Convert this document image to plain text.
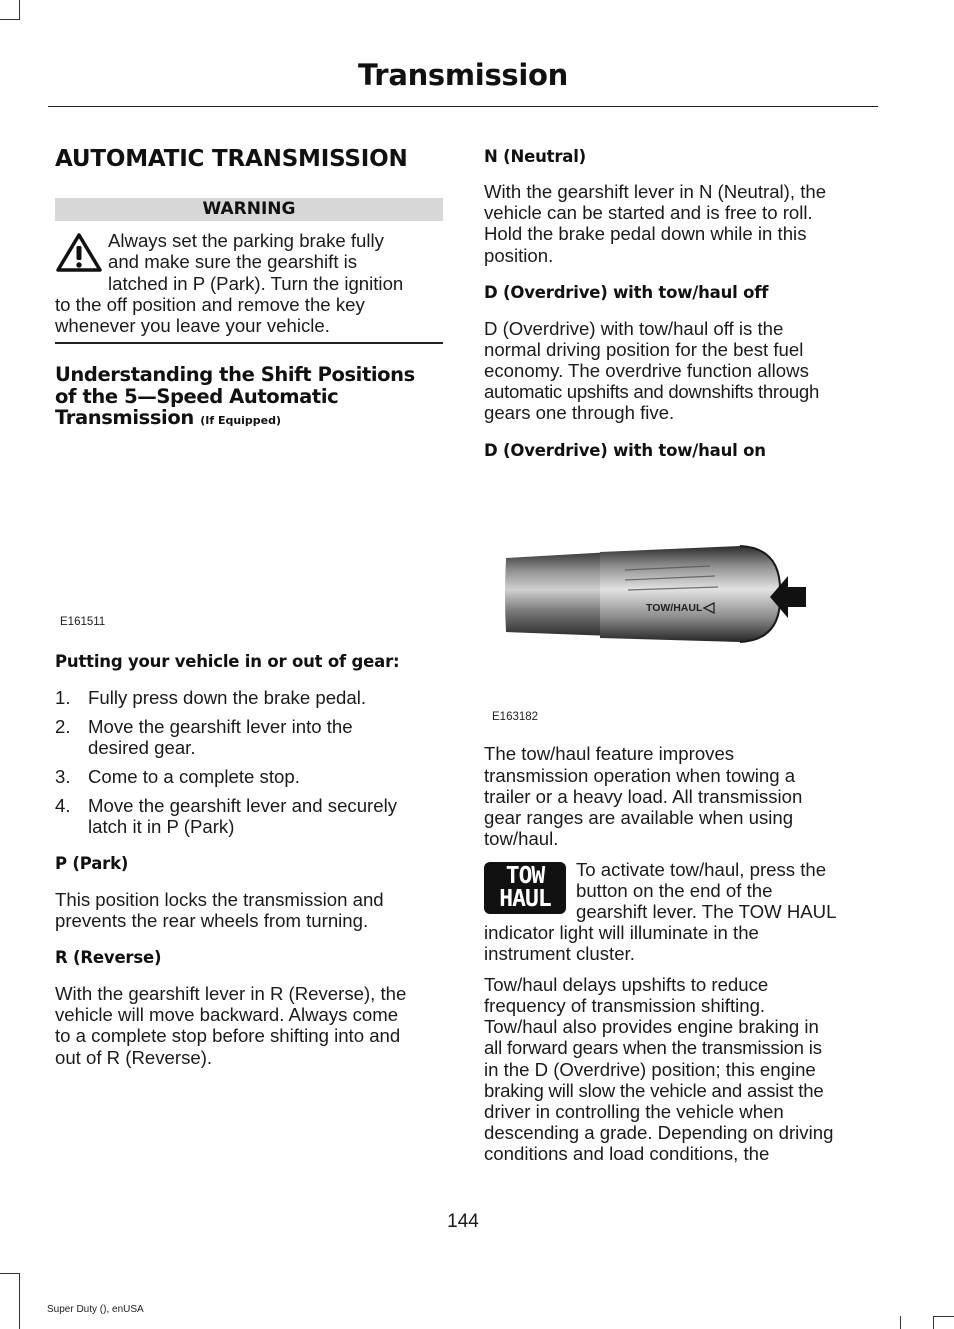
Transmission
AUTOMATIC TRANSMISSION
WARNING
Always set the parking brake fully
and make sure the gearshift is
latched in P (Park). Turn the ignition
to the off position and remove the key
whenever you leave your vehicle.
Understanding the Shift Positions
of the 5—Speed Automatic
Transmission (If Equipped)
E161511
Putting your vehicle in or out of gear:
1. Fully press down the brake pedal.
2. Move the gearshift lever into the
desired gear.
3. Come to a complete stop.
4. Move the gearshift lever and securely
latch it in P (Park)
P (Park)
This position locks the transmission and
prevents the rear wheels from turning.
R (Reverse)
With the gearshift lever in R (Reverse), the
vehicle will move backward. Always come
to a complete stop before shifting into and
out of R (Reverse).
N (Neutral)
With the gearshift lever in N (Neutral), the
vehicle can be started and is free to roll.
Hold the brake pedal down while in this
position.
D (Overdrive) with tow/haul off
D (Overdrive) with tow/haul off is the
normal driving position for the best fuel
economy. The overdrive function allows
automatic upshifts and downshifts through
gears one through five.
D (Overdrive) with tow/haul on
TOW/HAUL
E163182
The tow/haul feature improves
transmission operation when towing a
trailer or a heavy load. All transmission
gear ranges are available when using
tow/haul.
TOW
HAUL
To activate tow/haul, press the
button on the end of the
gearshift lever. The TOW HAUL
indicator light will illuminate in the
instrument cluster.
Tow/haul delays upshifts to reduce
frequency of transmission shifting.
Tow/haul also provides engine braking in
all forward gears when the transmission is
in the D (Overdrive) position; this engine
braking will slow the vehicle and assist the
driver in controlling the vehicle when
descending a grade. Depending on driving
conditions and load conditions, the
144
Super Duty (), enUSA
